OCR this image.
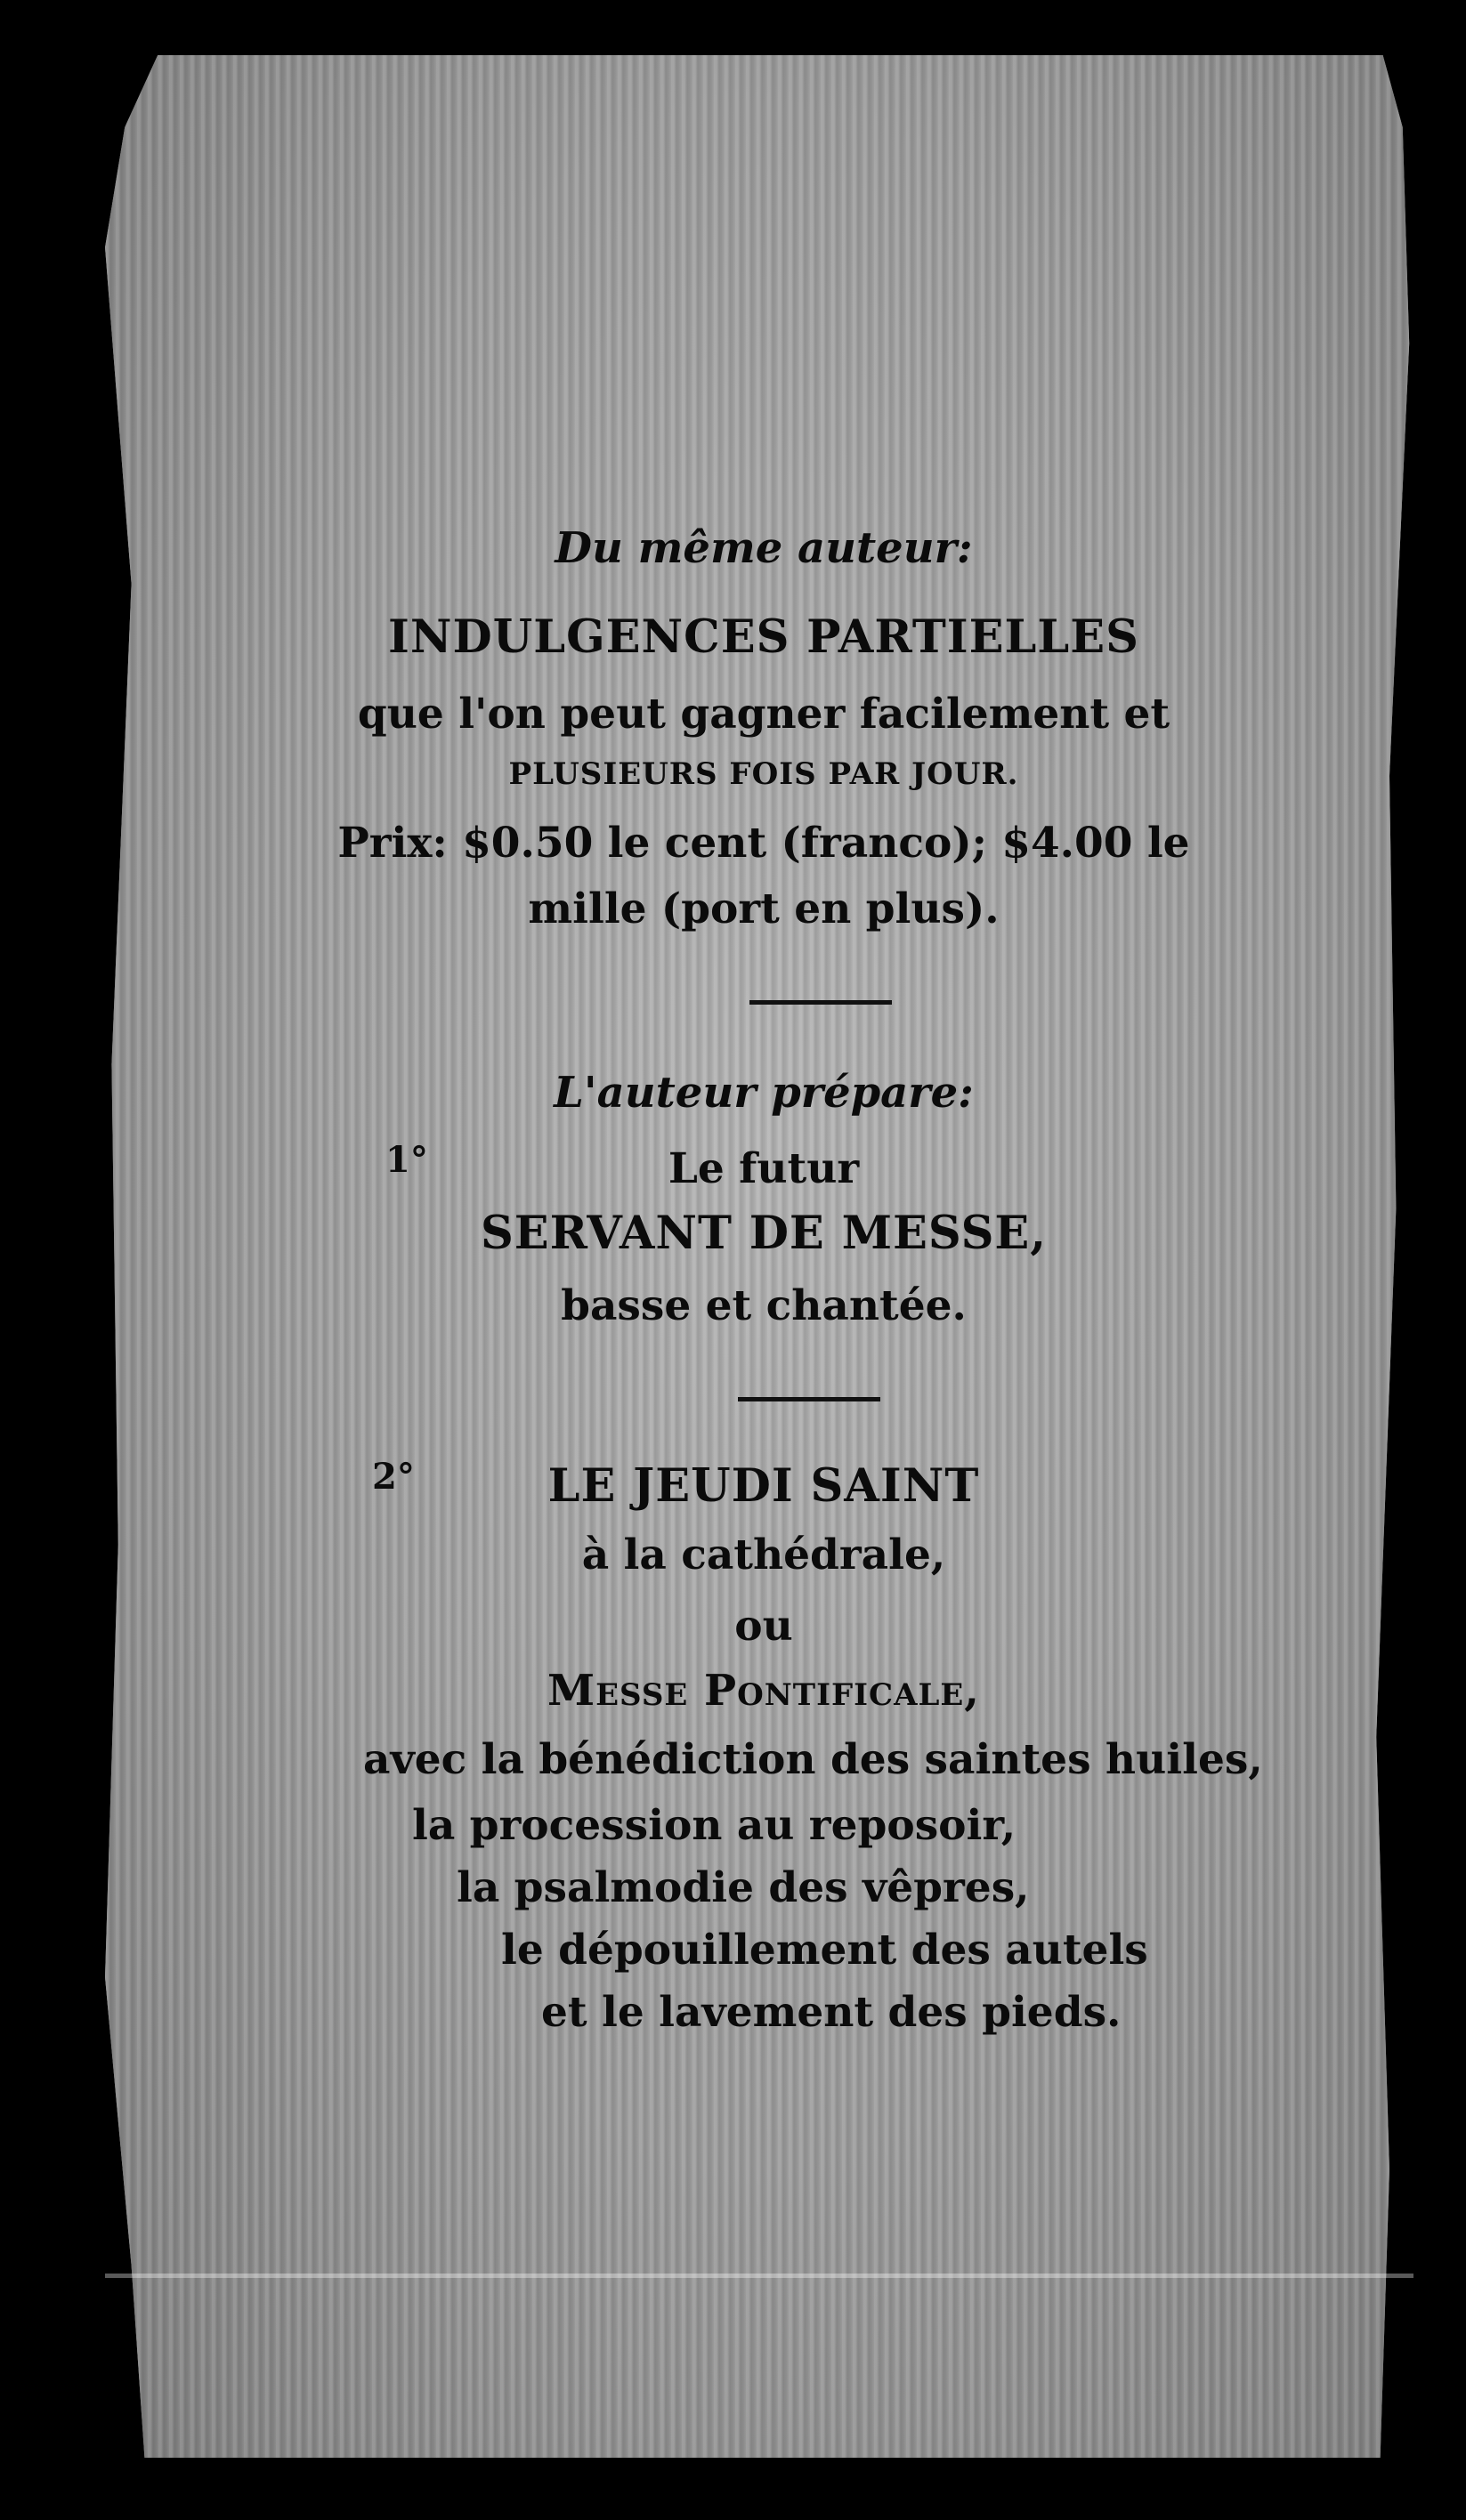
Du même auteur:
INDULGENCES PARTIELLES
que l'on peut gagner facilement et
PLUSIEURS FOIS PAR JOUR.
Prix: $0.50 le cent (franco); $4.00 le
mille (port en plus).
L'auteur prépare:
1°	Le futur
SERVANT DE MESSE,
basse et chantée.
2°	LE JEUDI SAINT
à la cathédrale,
ou
Messe Pontificale,
avec la bénédiction des saintes huiles,
la procession au reposoir,
la psalmodie des vêpres,
le dépouillement des autels
et le lavement des pieds.
